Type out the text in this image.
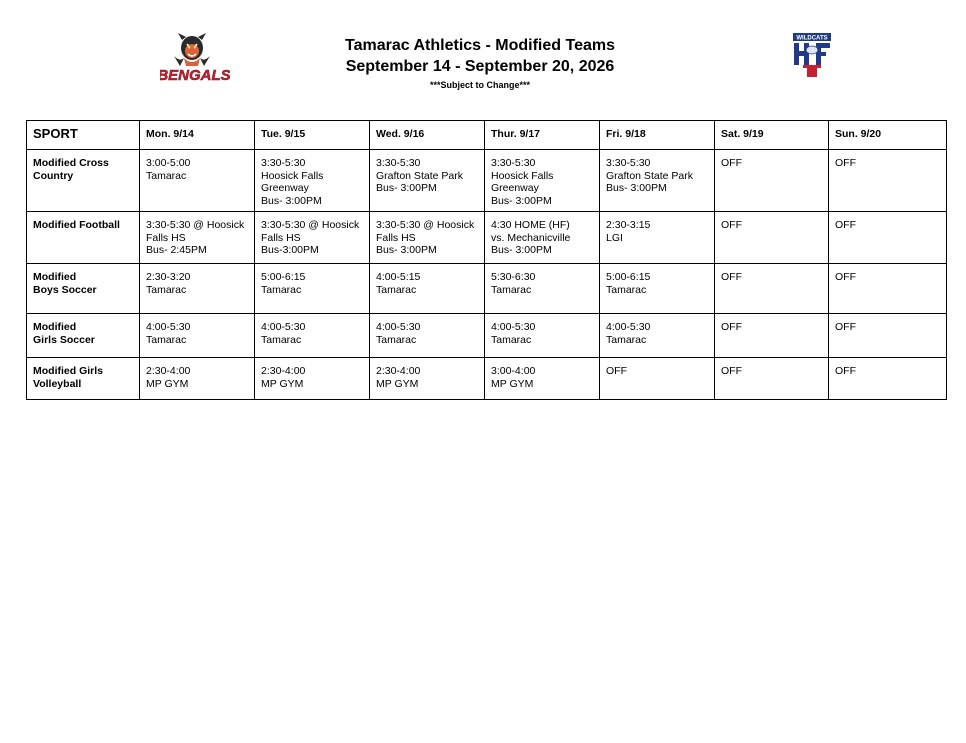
BENGALS
Tamarac Athletics - Modified Teams
September 14 - September 20, 2026
***Subject to Change***
WILDCATS
SPORT	Mon. 9/14	Tue. 9/15	Wed. 9/16	Thur. 9/17	Fri. 9/18	Sat. 9/19	Sun. 9/20
Modified Cross
Country	3:00-5:00
Tamarac	3:30-5:30
Hoosick Falls
Greenway
Bus- 3:00PM	3:30-5:30
Grafton State Park
Bus- 3:00PM	3:30-5:30
Hoosick Falls
Greenway
Bus- 3:00PM	3:30-5:30
Grafton State Park
Bus- 3:00PM	OFF	OFF
Modified Football	3:30-5:30 @ Hoosick
Falls HS
Bus- 2:45PM	3:30-5:30 @ Hoosick
Falls HS
Bus-3:00PM	3:30-5:30 @ Hoosick
Falls HS
Bus- 3:00PM	4:30 HOME (HF)
vs. Mechanicville
Bus- 3:00PM	2:30-3:15
LGI	OFF	OFF
Modified
Boys Soccer	2:30-3:20
Tamarac	5:00-6:15
Tamarac	4:00-5:15
Tamarac	5:30-6:30
Tamarac	5:00-6:15
Tamarac	OFF	OFF
Modified
Girls Soccer	4:00-5:30
Tamarac	4:00-5:30
Tamarac	4:00-5:30
Tamarac	4:00-5:30
Tamarac	4:00-5:30
Tamarac	OFF	OFF
Modified Girls
Volleyball	2:30-4:00
MP GYM	2:30-4:00
MP GYM	2:30-4:00
MP GYM	3:00-4:00
MP GYM	OFF	OFF	OFF
